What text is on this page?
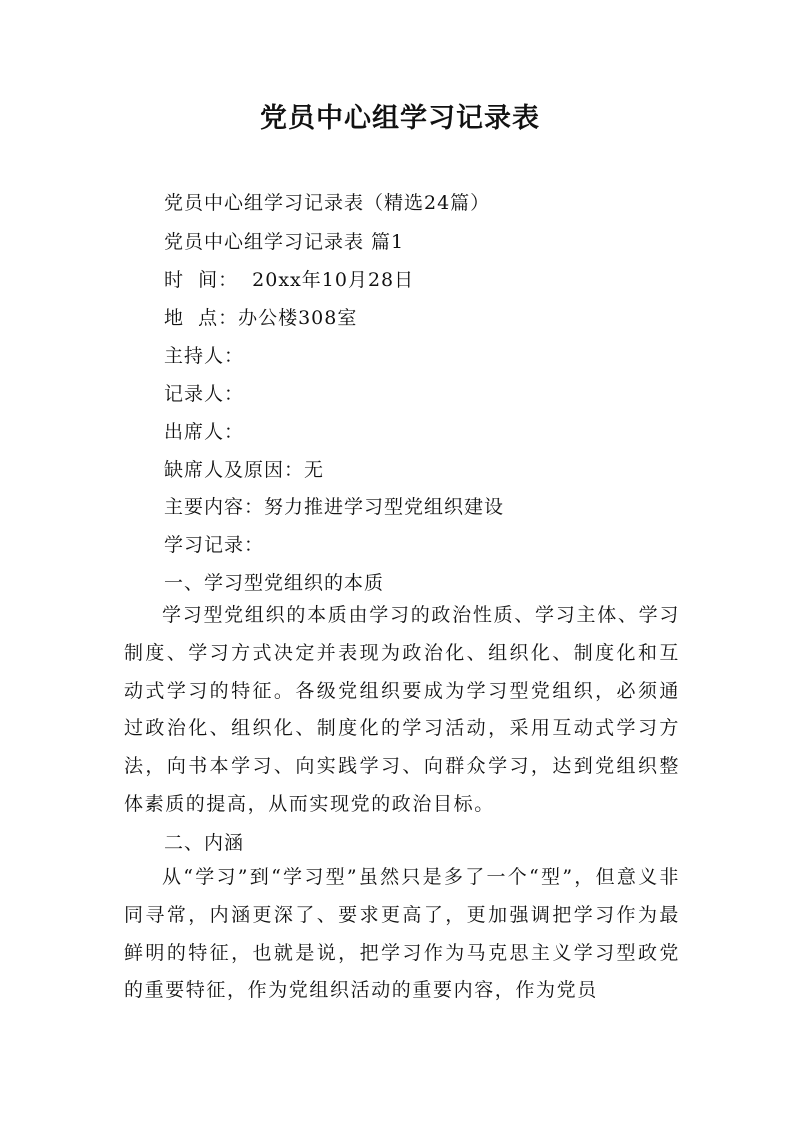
党员中心组学习记录表
党员中心组学习记录表（精选24篇）
党员中心组学习记录表 篇1
时  间：  20xx年10月28日
地  点：办公楼308室
主持人：
记录人：
出席人：
缺席人及原因：无
主要内容：努力推进学习型党组织建设
学习记录：
一、学习型党组织的本质
学习型党组织的本质由学习的政治性质、学习主体、学习制度、学习方式决定并表现为政治化、组织化、制度化和互动式学习的特征。各级党组织要成为学习型党组织，必须通过政治化、组织化、制度化的学习活动，采用互动式学习方法，向书本学习、向实践学习、向群众学习，达到党组织整体素质的提高，从而实现党的政治目标。
二、内涵
从“学习”到“学习型”虽然只是多了一个“型”，但意义非同寻常，内涵更深了、要求更高了，更加强调把学习作为最鲜明的特征，也就是说，把学习作为马克思主义学习型政党的重要特征，作为党组织活动的重要内容，作为党员
